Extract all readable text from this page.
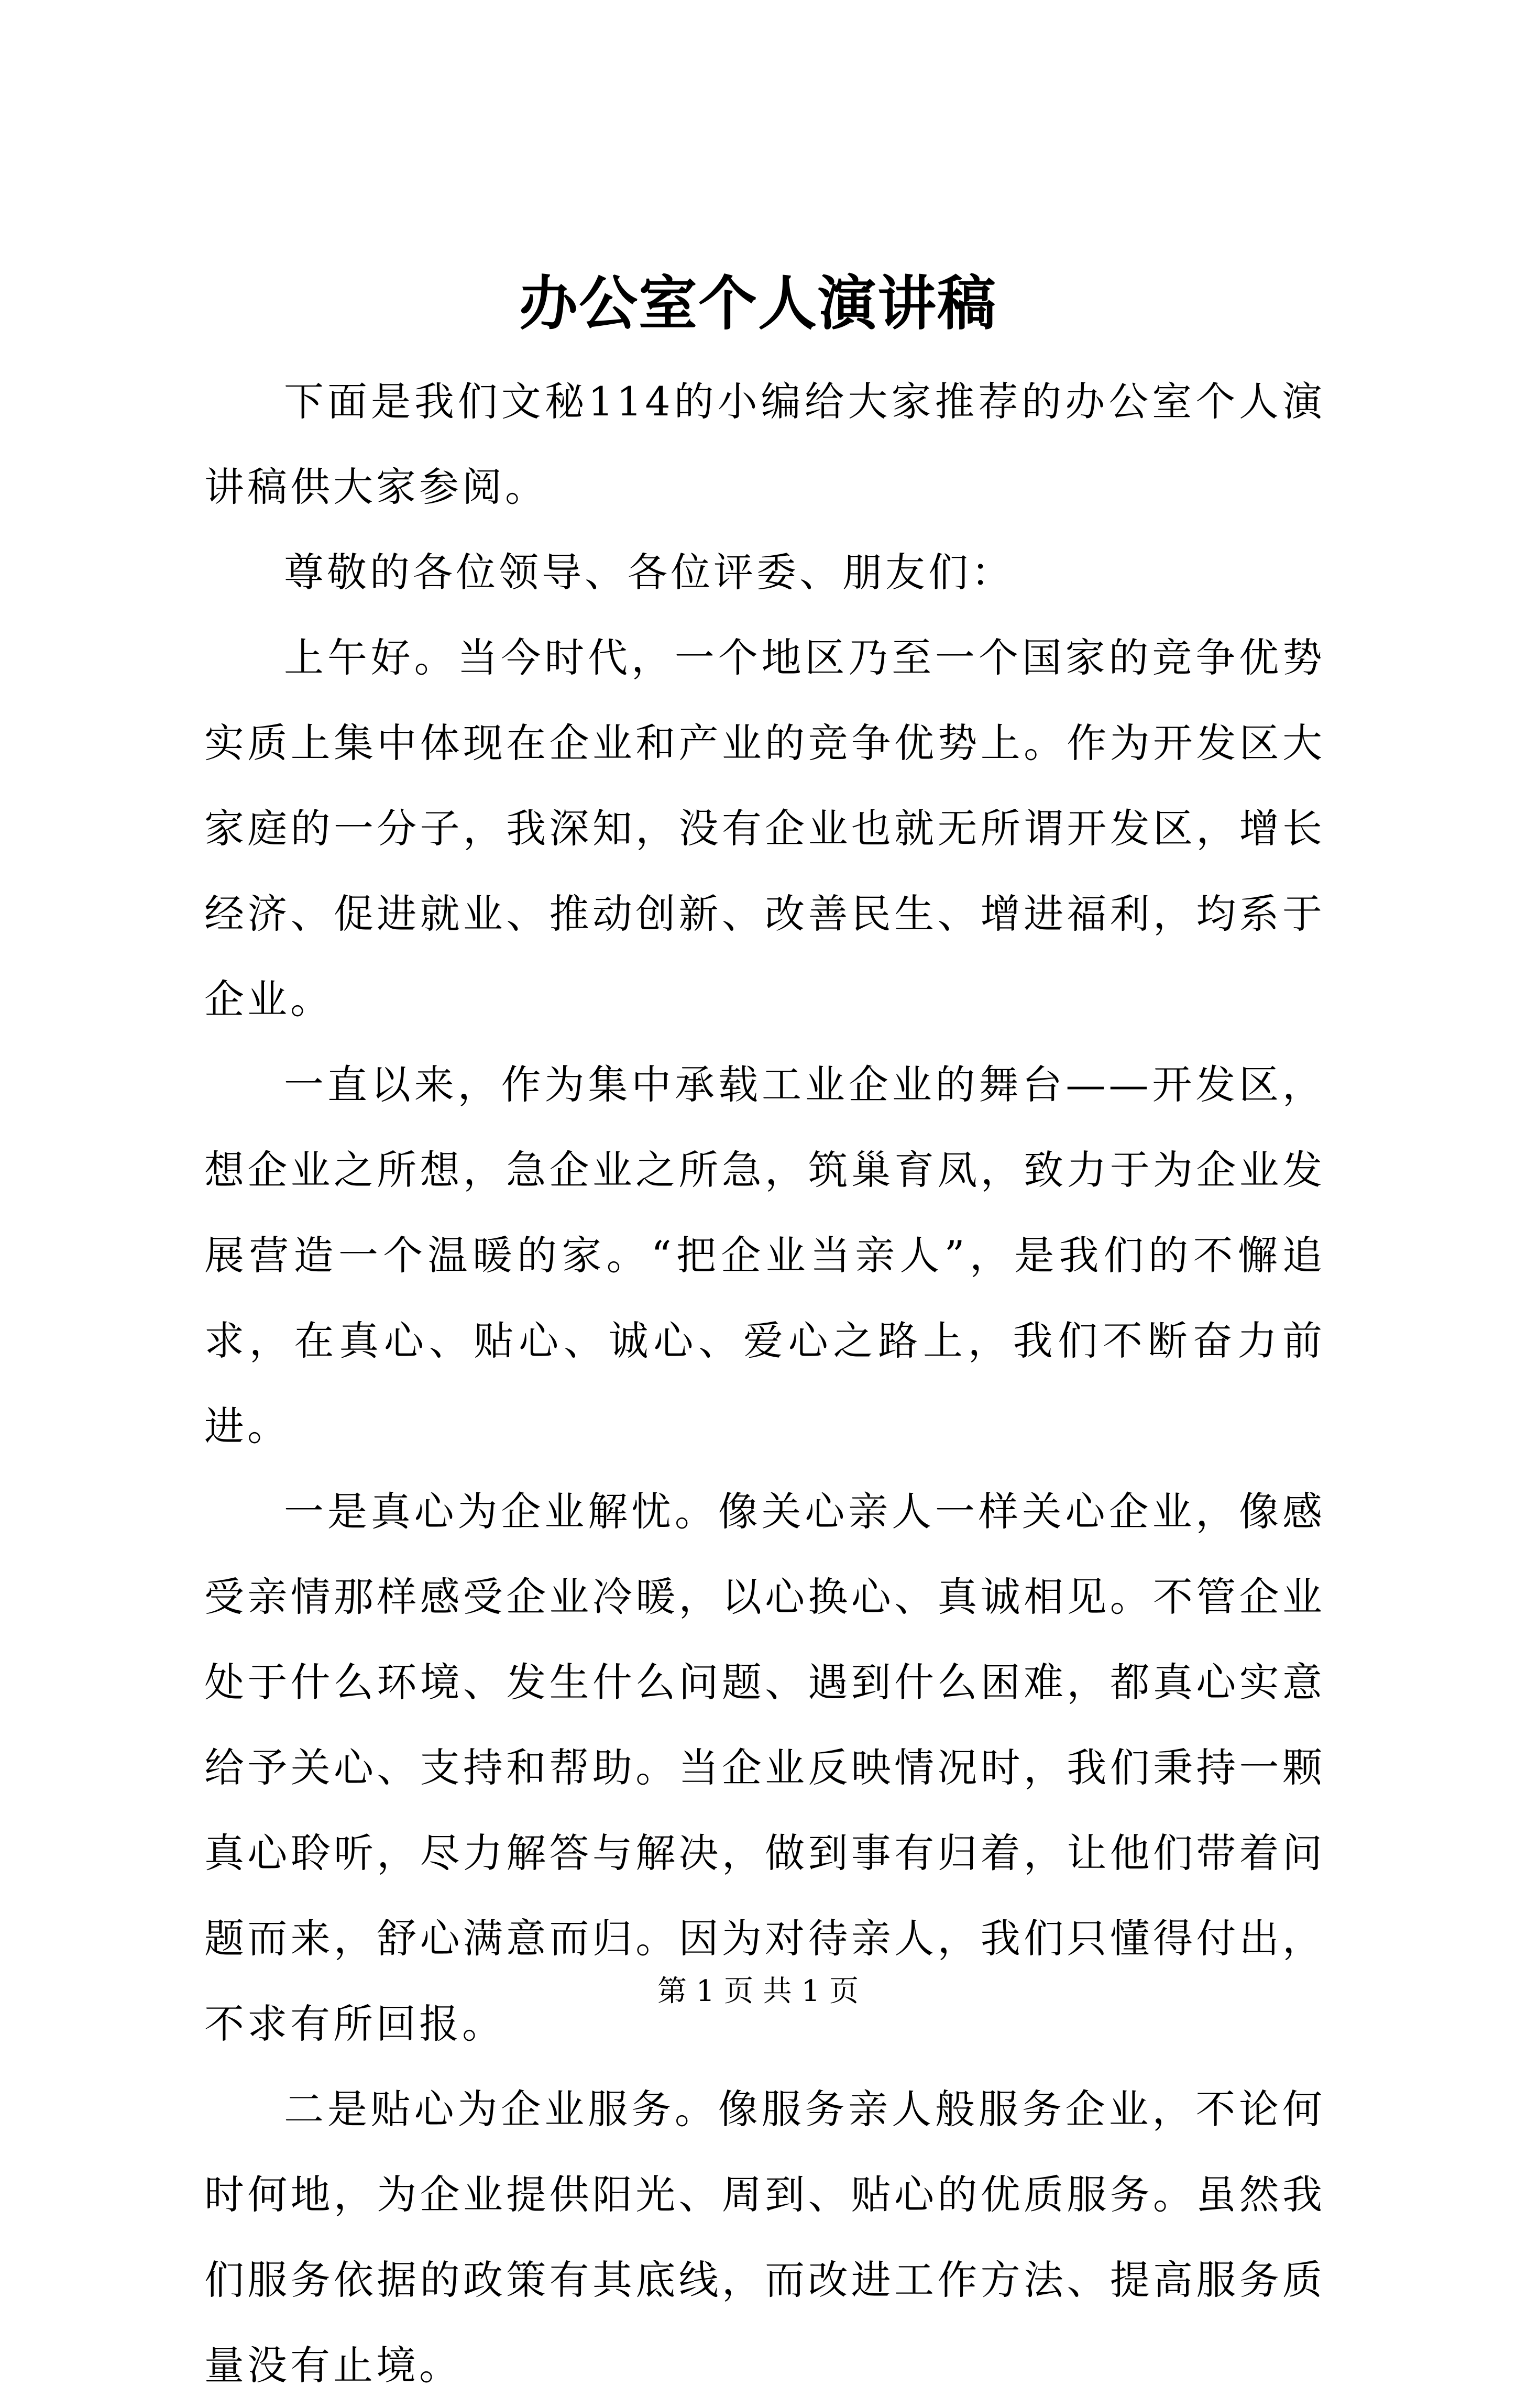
办公室个人演讲稿

下面是我们文秘114的小编给大家推荐的办公室个人演讲稿供大家参阅。

尊敬的各位领导、各位评委、朋友们：

上午好。当今时代，一个地区乃至一个国家的竞争优势实质上集中体现在企业和产业的竞争优势上。作为开发区大家庭的一分子，我深知，没有企业也就无所谓开发区，增长经济、促进就业、推动创新、改善民生、增进福利，均系于企业。

一直以来，作为集中承载工业企业的舞台——开发区，想企业之所想，急企业之所急，筑巢育凤，致力于为企业发展营造一个温暖的家。“把企业当亲人”，是我们的不懈追求，在真心、贴心、诚心、爱心之路上，我们不断奋力前进。

一是真心为企业解忧。像关心亲人一样关心企业，像感受亲情那样感受企业冷暖，以心换心、真诚相见。不管企业处于什么环境、发生什么问题、遇到什么困难，都真心实意给予关心、支持和帮助。当企业反映情况时，我们秉持一颗真心聆听，尽力解答与解决，做到事有归着，让他们带着问题而来，舒心满意而归。因为对待亲人，我们只懂得付出，不求有所回报。

二是贴心为企业服务。像服务亲人般服务企业，不论何时何地，为企业提供阳光、周到、贴心的优质服务。虽然我们服务依据的政策有其底线，而改进工作方法、提高服务质量没有止境。

第 1 页 共 1 页
